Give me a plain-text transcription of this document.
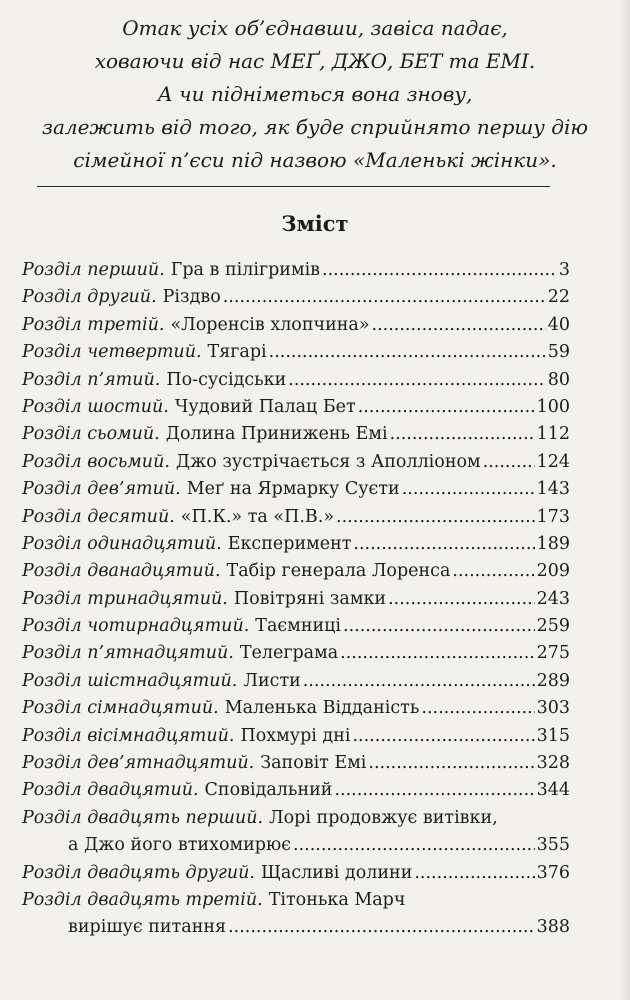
Отак усіх об’єднавши, завіса падає,
ховаючи від нас МЕҐ, ДЖО, БЕТ та ЕМІ.
А чи підніметься вона знову,
залежить від того, як буде сприйнято першу дію
сімейної п’єси під назвою «Маленькі жінки».
Зміст
Розділ перший. Гра в пілігримів .....	3
Розділ другий. Різдво .....	22
Розділ третій. «Лоренсів хлопчина» .....	40
Розділ четвертий. Тягарі .....	59
Розділ п’ятий. По-сусідськи .....	80
Розділ шостий. Чудовий Палац Бет .....	100
Розділ сьомий. Долина Принижень Емі .....	112
Розділ восьмий. Джо зустрічається з Аполліоном .....	124
Розділ дев’ятий. Меґ на Ярмарку Суєти .....	143
Розділ десятий. «П.К.» та «П.В.» .....	173
Розділ одинадцятий. Експеримент .....	189
Розділ дванадцятий. Табір генерала Лоренса .....	209
Розділ тринадцятий. Повітряні замки .....	243
Розділ чотирнадцятий. Таємниці .....	259
Розділ п’ятнадцятий. Телеграма .....	275
Розділ шістнадцятий. Листи .....	289
Розділ сімнадцятий. Маленька Відданість .....	303
Розділ вісімнадцятий. Похмурі дні .....	315
Розділ дев’ятнадцятий. Заповіт Емі .....	328
Розділ двадцятий. Сповідальний .....	344
Розділ двадцять перший. Лорі продовжує витівки,
а Джо його втихомирює .....	355
Розділ двадцять другий. Щасливі долини .....	376
Розділ двадцять третій. Тітонька Марч
вирішує питання .....	388
